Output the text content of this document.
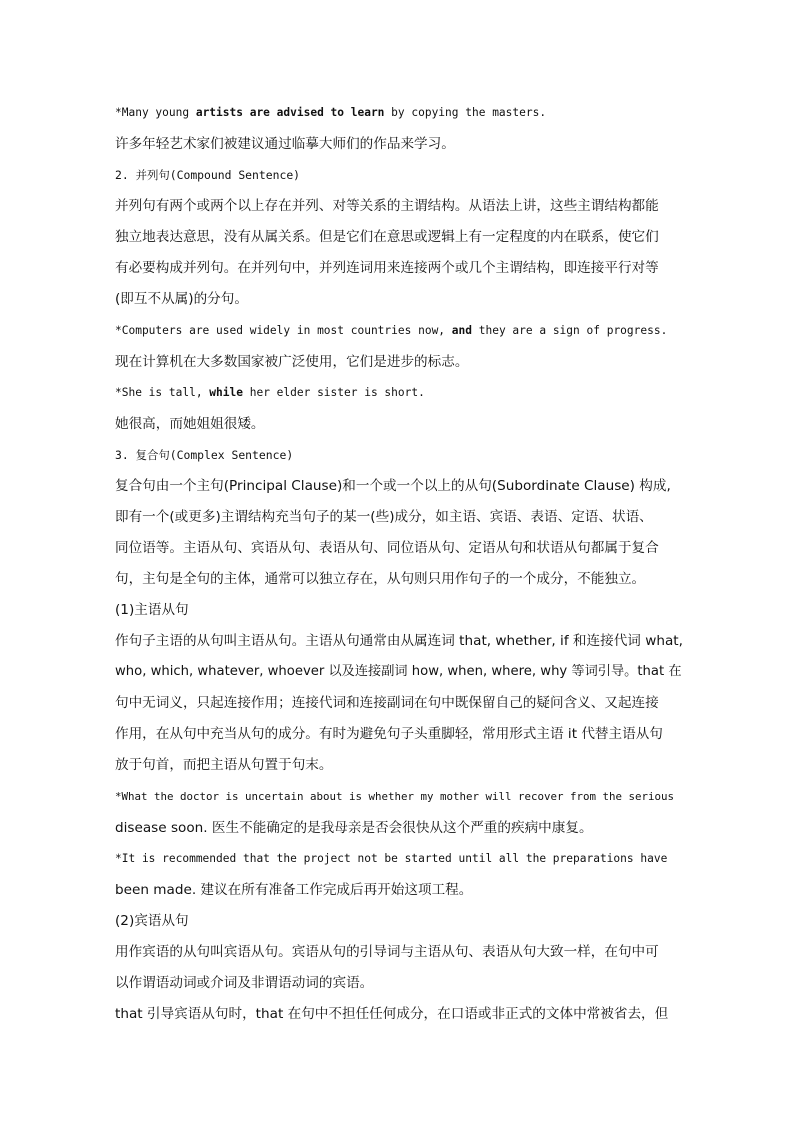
*Many young artists are advised to learn by copying the masters.
许多年轻艺术家们被建议通过临摹大师们的作品来学习。
2. 并列句(Compound Sentence)
并列句有两个或两个以上存在并列、对等关系的主谓结构。从语法上讲，这些主谓结构都能
独立地表达意思，没有从属关系。但是它们在意思或逻辑上有一定程度的内在联系，使它们
有必要构成并列句。在并列句中，并列连词用来连接两个或几个主谓结构，即连接平行对等
(即互不从属)的分句。
*Computers are used widely in most countries now, and they are a sign of progress.
现在计算机在大多数国家被广泛使用，它们是进步的标志。
*She is tall, while her elder sister is short.
她很高，而她姐姐很矮。
3. 复合句(Complex Sentence)
复合句由一个主句(Principal Clause)和一个或一个以上的从句(Subordinate Clause) 构成,
即有一个(或更多)主谓结构充当句子的某一(些)成分，如主语、宾语、表语、定语、状语、
同位语等。主语从句、宾语从句、表语从句、同位语从句、定语从句和状语从句都属于复合
句，主句是全句的主体，通常可以独立存在，从句则只用作句子的一个成分，不能独立。
(1)主语从句
作句子主语的从句叫主语从句。主语从句通常由从属连词 that, whether, if 和连接代词 what,
who, which, whatever, whoever 以及连接副词 how, when, where, why 等词引导。that 在
句中无词义，只起连接作用；连接代词和连接副词在句中既保留自己的疑问含义、又起连接
作用，在从句中充当从句的成分。有时为避免句子头重脚轻，常用形式主语 it 代替主语从句
放于句首，而把主语从句置于句末。
*What the doctor is uncertain about is whether my mother will recover from the serious
disease soon. 医生不能确定的是我母亲是否会很快从这个严重的疾病中康复。
*It is recommended that the project not be started until all the preparations have
been made. 建议在所有准备工作完成后再开始这项工程。
(2)宾语从句
用作宾语的从句叫宾语从句。宾语从句的引导词与主语从句、表语从句大致一样，在句中可
以作谓语动词或介词及非谓语动词的宾语。
that 引导宾语从句时，that 在句中不担任任何成分，在口语或非正式的文体中常被省去，但
